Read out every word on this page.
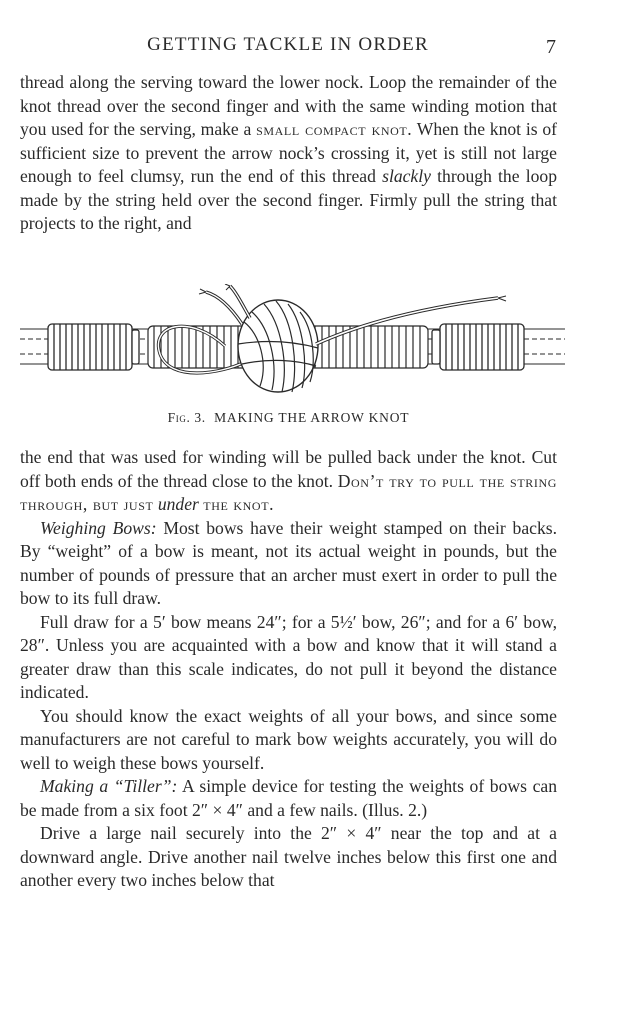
GETTING TACKLE IN ORDER	7

thread along the serving toward the lower nock. Loop the remainder of the knot thread over the second finger and with the same winding motion that you used for the serving, make a small compact knot. When the knot is of sufficient size to prevent the arrow nock’s crossing it, yet is still not large enough to feel clumsy, run the end of this thread slackly through the loop made by the string held over the second finger. Firmly pull the string that projects to the right, and

Fig. 3. MAKING THE ARROW KNOT

the end that was used for winding will be pulled back under the knot. Cut off both ends of the thread close to the knot. Don’t try to pull the string through, but just under the knot.

Weighing Bows: Most bows have their weight stamped on their backs. By “weight” of a bow is meant, not its actual weight in pounds, but the number of pounds of pressure that an archer must exert in order to pull the bow to its full draw.

Full draw for a 5′ bow means 24″; for a 5½′ bow, 26″; and for a 6′ bow, 28″. Unless you are acquainted with a bow and know that it will stand a greater draw than this scale indicates, do not pull it beyond the distance indicated.

You should know the exact weights of all your bows, and since some manufacturers are not careful to mark bow weights accurately, you will do well to weigh these bows yourself.

Making a “Tiller”: A simple device for testing the weights of bows can be made from a six foot 2″ × 4″ and a few nails. (Illus. 2.)

Drive a large nail securely into the 2″ × 4″ near the top and at a downward angle. Drive another nail twelve inches below this first one and another every two inches below that
